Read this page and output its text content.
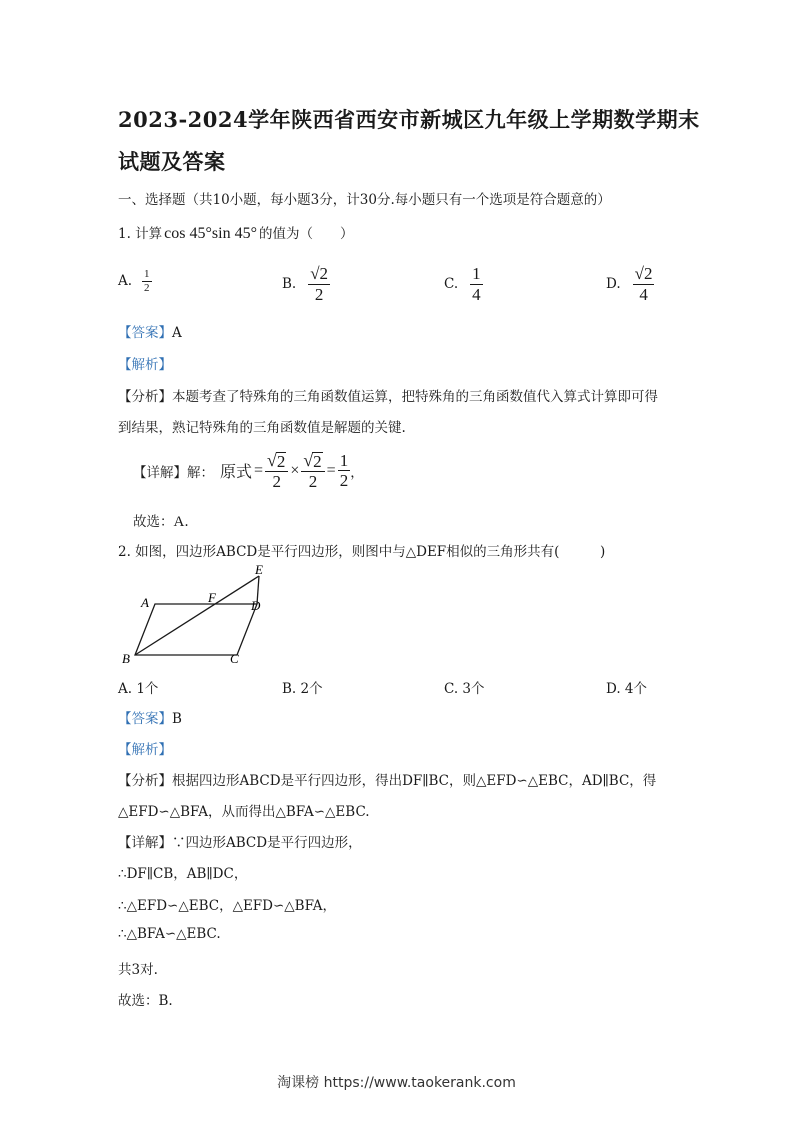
2023-2024学年陕西省西安市新城区九年级上学期数学期末
试题及答案
一、选择题（共10小题，每小题3分，计30分.每小题只有一个选项是符合题意的）
1. 计算 cos 45°sin 45° 的值为（　　）
A. $\frac{1}{2}$	B. $\frac{√2}{2}$	C. $\frac{1}{4}$	D. $\frac{√2}{4}$
【答案】A
【解析】
【分析】本题考查了特殊角的三角函数值运算，把特殊角的三角函数值代入算式计算即可得
到结果，熟记特殊角的三角函数值是解题的关键.
【详解】 解： 原式 = $\frac{√ 2}{2} \times \frac{√ 2}{2} = \frac{1}{2}$ ，
故选：A.
2. 如图，四边形ABCD是平行四边形，则图中与△DEF相似的三角形共有(　　　)
A
B	C
D
E
F
A. 1个	B. 2个	C. 3个	D. 4个
【答案】B
【解析】
【分析】根据四边形ABCD是平行四边形，得出DF∥BC，则△EFD∽△EBC，AD∥BC，得
△EFD∽△BFA，从而得出△BFA∽△EBC.
【详解】∵四边形ABCD是平行四边形，
∴DF∥CB，AB∥DC，
∴△EFD∽△EBC，△EFD∽△BFA，
∴△BFA∽△EBC.
共3对.
故选：B.
淘课榜 https://www.taokerank.com
